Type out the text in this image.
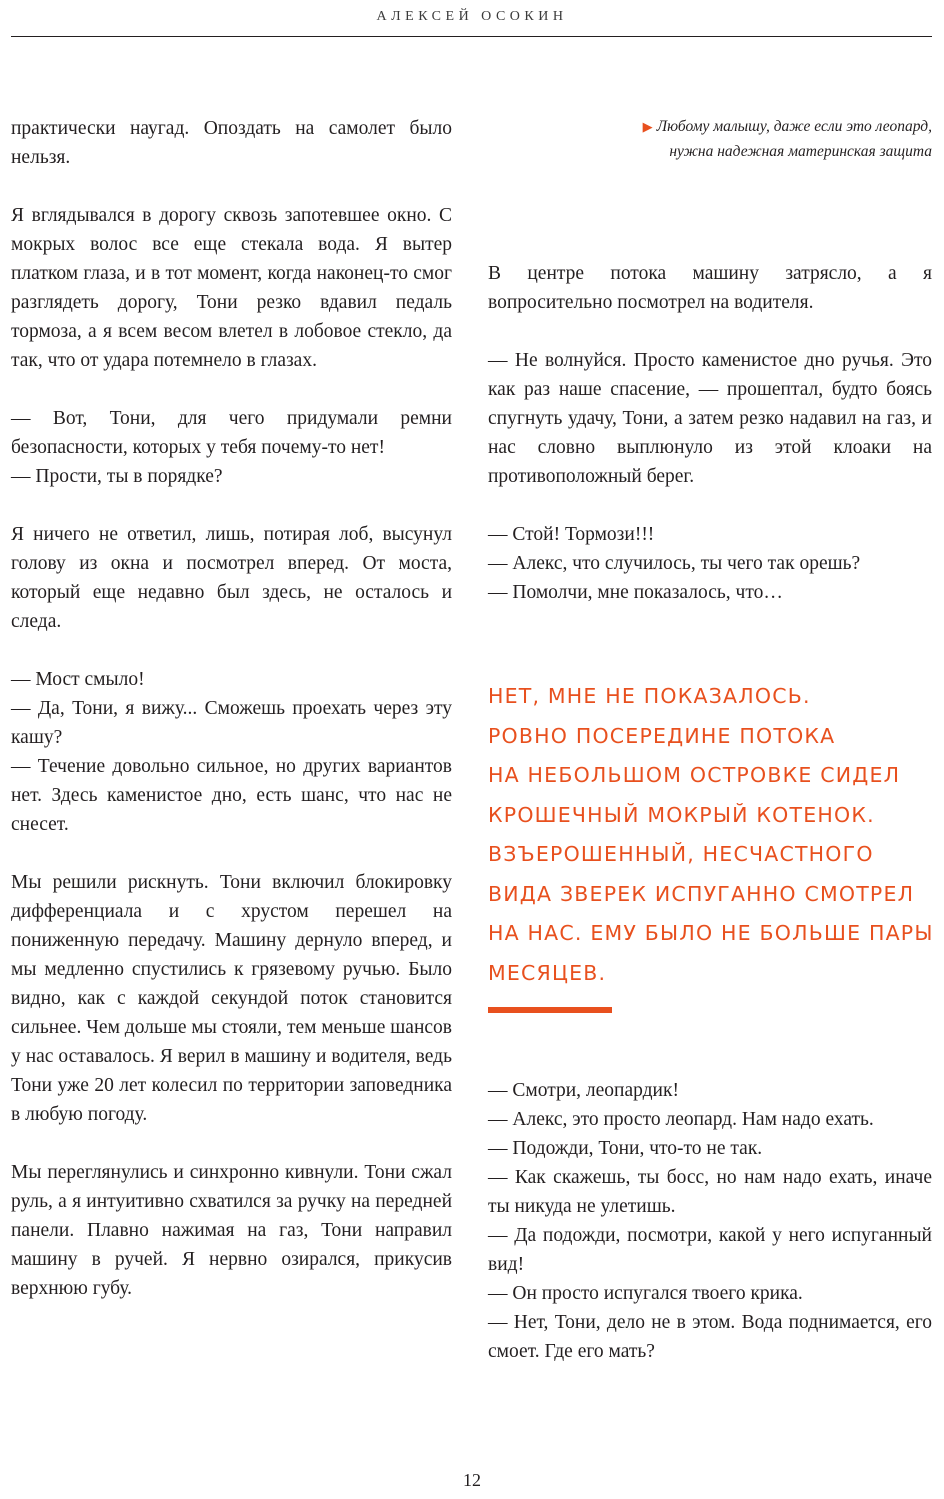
АЛЕКСЕЙ ОСОКИН

практически наугад. Опоздать на самолет было нельзя.

Я вглядывался в дорогу сквозь запотевшее окно. С мокрых волос все еще стекала вода. Я вытер платком глаза, и в тот момент, когда наконец-то смог разглядеть дорогу, Тони резко вдавил педаль тормоза, а я всем весом влетел в лобовое стекло, да так, что от удара потемнело в глазах.

— Вот, Тони, для чего придумали ремни безопасности, которых у тебя почему-то нет!

— Прости, ты в порядке?

Я ничего не ответил, лишь, потирая лоб, высунул голову из окна и посмотрел вперед. От моста, который еще недавно был здесь, не осталось и следа.

— Мост смыло!

— Да, Тони, я вижу... Сможешь проехать через эту кашу?

— Течение довольно сильное, но других вариантов нет. Здесь каменистое дно, есть шанс, что нас не снесет.

Мы решили рискнуть. Тони включил блокировку дифференциала и с хрустом перешел на пониженную передачу. Машину дернуло вперед, и мы медленно спустились к грязевому ручью. Было видно, как с каждой секундой поток становится сильнее. Чем дольше мы стояли, тем меньше шансов у нас оставалось. Я верил в машину и водителя, ведь Тони уже 20 лет колесил по территории заповедника в любую погоду.

Мы переглянулись и синхронно кивнули. Тони сжал руль, а я интуитивно схватился за ручку на передней панели. Плавно нажимая на газ, Тони направил машину в ручей. Я нервно озирался, прикусив верхнюю губу.

▶ Любому малышу, даже если это леопард, нужна надежная материнская защита

В центре потока машину затрясло, а я вопросительно посмотрел на водителя.

— Не волнуйся. Просто каменистое дно ручья. Это как раз наше спасение, — прошептал, будто боясь спугнуть удачу, Тони, а затем резко надавил на газ, и нас словно выплюнуло из этой клоаки на противоположный берег.

— Стой! Тормози!!!

— Алекс, что случилось, ты чего так орешь?

— Помолчи, мне показалось, что…

НЕТ, МНЕ НЕ ПОКАЗАЛОСЬ.
РОВНО ПОСЕРЕДИНЕ ПОТОКА
НА НЕБОЛЬШОМ ОСТРОВКЕ СИДЕЛ
КРОШЕЧНЫЙ МОКРЫЙ КОТЕНОК.
ВЗЪЕРОШЕННЫЙ, НЕСЧАСТНОГО
ВИДА ЗВЕРЕК ИСПУГАННО СМОТРЕЛ
НА НАС. ЕМУ БЫЛО НЕ БОЛЬШЕ ПАРЫ
МЕСЯЦЕВ.

— Смотри, леопардик!

— Алекс, это просто леопард. Нам надо ехать.

— Подожди, Тони, что-то не так.

— Как скажешь, ты босс, но нам надо ехать, иначе ты никуда не улетишь.

— Да подожди, посмотри, какой у него испуганный вид!

— Он просто испугался твоего крика.

— Нет, Тони, дело не в этом. Вода поднимается, его смоет. Где его мать?

12
